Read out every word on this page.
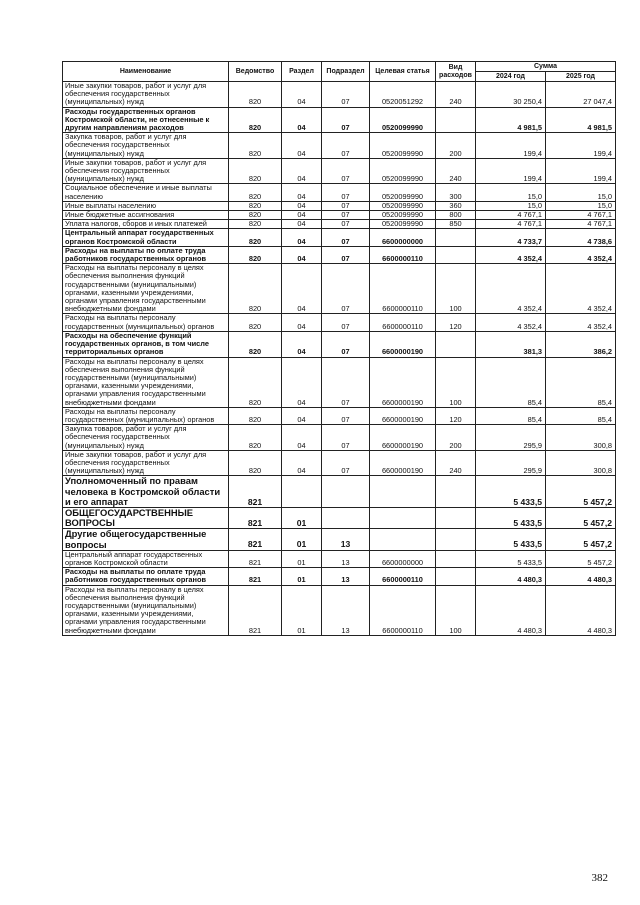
Наименование	Ведомство	Раздел	Подраздел	Целевая статья	Вид расходов	Сумма	
						2024 год	2025 год
Иные закупки товаров, работ и услуг для обеспечения государственных (муниципальных) нужд	820	04	07	0520051292	240	30 250,4	27 047,4
Расходы государственных органов Костромской области, не отнесенные к другим направлениям расходов	820	04	07	0520099990		4 981,5	4 981,5
Закупка товаров, работ и услуг для обеспечения государственных (муниципальных) нужд	820	04	07	0520099990	200	199,4	199,4
Иные закупки товаров, работ и услуг для обеспечения государственных (муниципальных) нужд	820	04	07	0520099990	240	199,4	199,4
Социальное обеспечение и иные выплаты населению	820	04	07	0520099990	300	15,0	15,0
Иные выплаты населению	820	04	07	0520099990	360	15,0	15,0
Иные бюджетные ассигнования	820	04	07	0520099990	800	4 767,1	4 767,1
Уплата налогов, сборов и иных платежей	820	04	07	0520099990	850	4 767,1	4 767,1
Центральный аппарат государственных органов Костромской области	820	04	07	6600000000		4 733,7	4 738,6
Расходы на выплаты по оплате труда работников государственных органов	820	04	07	6600000110		4 352,4	4 352,4
Расходы на выплаты персоналу в целях обеспечения выполнения функций государственными (муниципальными) органами, казенными учреждениями, органами управления государственными внебюджетными фондами	820	04	07	6600000110	100	4 352,4	4 352,4
Расходы на выплаты персоналу государственных (муниципальных) органов	820	04	07	6600000110	120	4 352,4	4 352,4
Расходы на обеспечение функций государственных органов, в том числе территориальных органов	820	04	07	6600000190		381,3	386,2
Расходы на выплаты персоналу в целях обеспечения выполнения функций государственными (муниципальными) органами, казенными учреждениями, органами управления государственными внебюджетными фондами	820	04	07	6600000190	100	85,4	85,4
Расходы на выплаты персоналу государственных (муниципальных) органов	820	04	07	6600000190	120	85,4	85,4
Закупка товаров, работ и услуг для обеспечения государственных (муниципальных) нужд	820	04	07	6600000190	200	295,9	300,8
Иные закупки товаров, работ и услуг для обеспечения государственных (муниципальных) нужд	820	04	07	6600000190	240	295,9	300,8
Уполномоченный по правам человека в Костромской области и его аппарат	821					5 433,5	5 457,2
ОБЩЕГОСУДАРСТВЕННЫЕ ВОПРОСЫ	821	01				5 433,5	5 457,2
Другие общегосударственные вопросы	821	01	13			5 433,5	5 457,2
Центральный аппарат государственных органов Костромской области	821	01	13	6600000000		5 433,5	5 457,2
Расходы на выплаты по оплате труда работников государственных органов	821	01	13	6600000110		4 480,3	4 480,3
Расходы на выплаты персоналу в целях обеспечения выполнения функций государственными (муниципальными) органами, казенными учреждениями, органами управления государственными внебюджетными фондами	821	01	13	6600000110	100	4 480,3	4 480,3
382
